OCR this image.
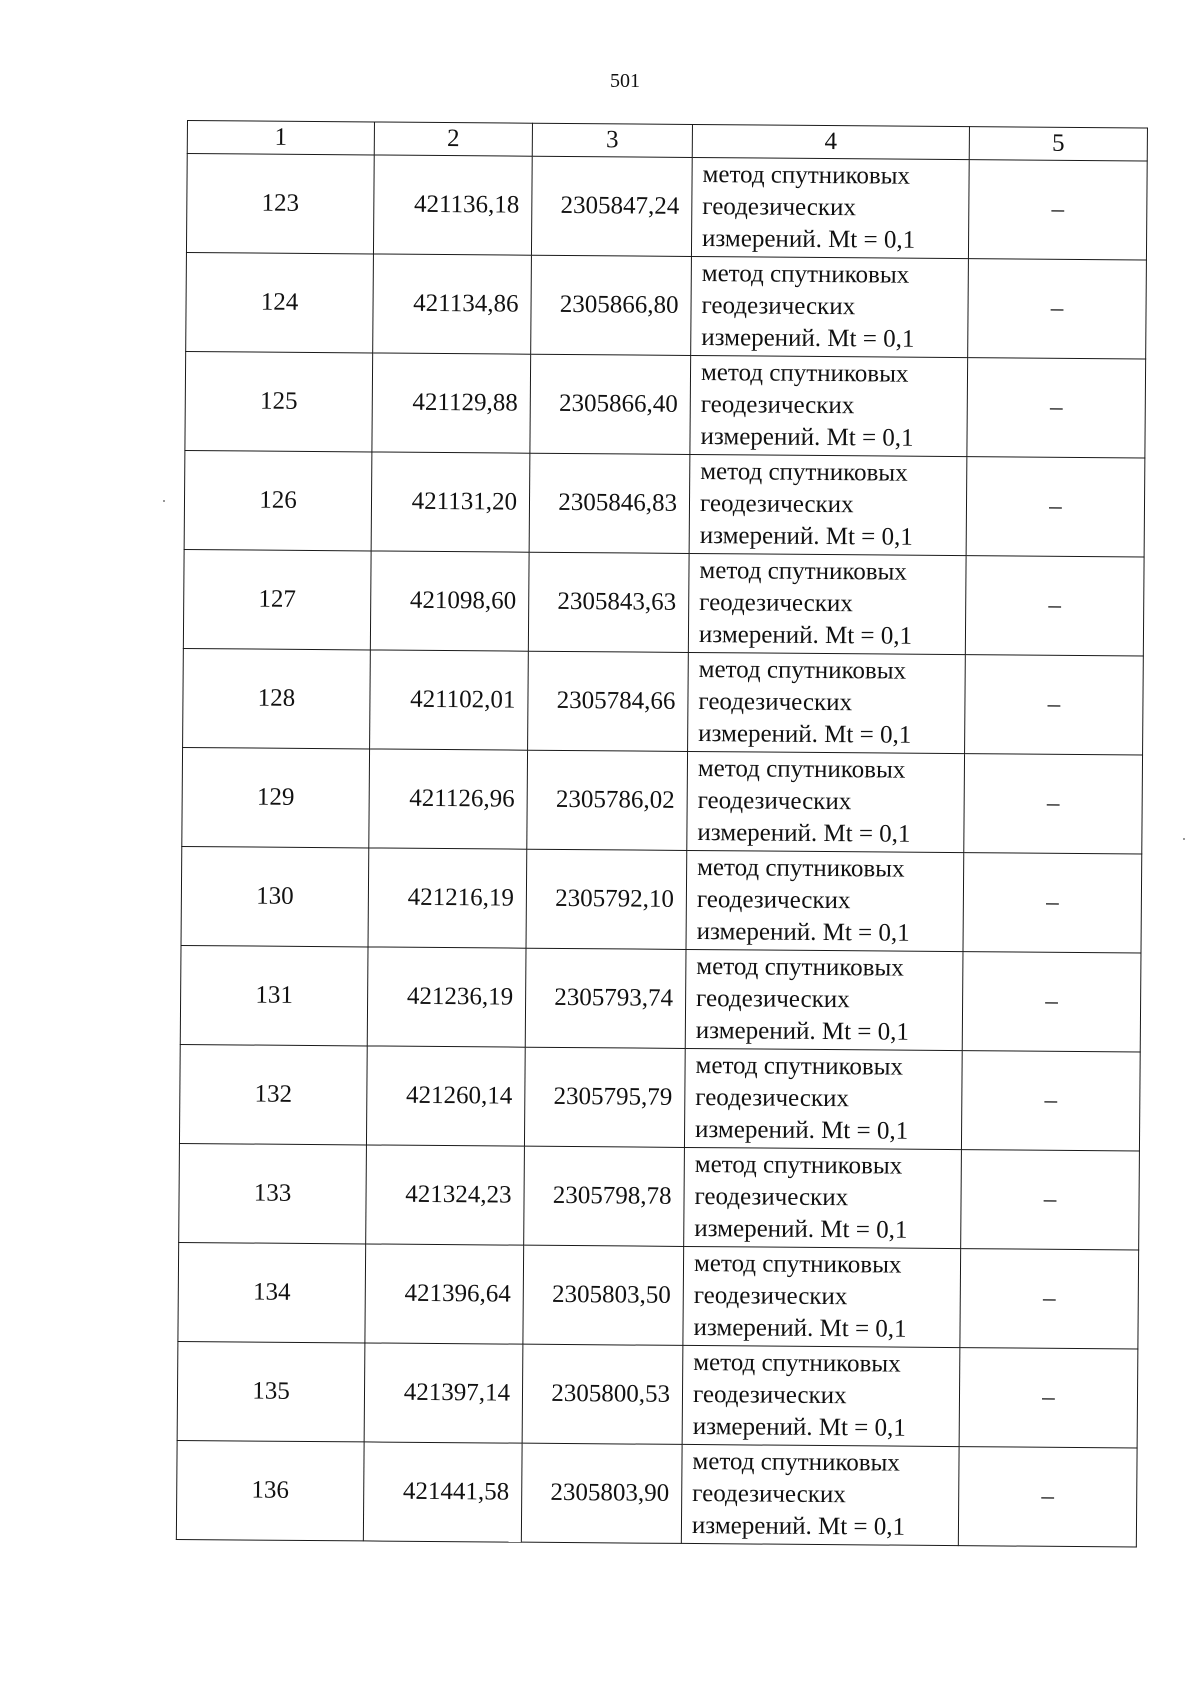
501
1	2	3	4	5
123	421136,18	2305847,24	метод спутниковых
геодезических
измерений. Mt = 0,1	–
124	421134,86	2305866,80	метод спутниковых
геодезических
измерений. Mt = 0,1	–
125	421129,88	2305866,40	метод спутниковых
геодезических
измерений. Mt = 0,1	–
126	421131,20	2305846,83	метод спутниковых
геодезических
измерений. Mt = 0,1	–
127	421098,60	2305843,63	метод спутниковых
геодезических
измерений. Mt = 0,1	–
128	421102,01	2305784,66	метод спутниковых
геодезических
измерений. Mt = 0,1	–
129	421126,96	2305786,02	метод спутниковых
геодезических
измерений. Mt = 0,1	–
130	421216,19	2305792,10	метод спутниковых
геодезических
измерений. Mt = 0,1	–
131	421236,19	2305793,74	метод спутниковых
геодезических
измерений. Mt = 0,1	–
132	421260,14	2305795,79	метод спутниковых
геодезических
измерений. Mt = 0,1	–
133	421324,23	2305798,78	метод спутниковых
геодезических
измерений. Mt = 0,1	–
134	421396,64	2305803,50	метод спутниковых
геодезических
измерений. Mt = 0,1	–
135	421397,14	2305800,53	метод спутниковых
геодезических
измерений. Mt = 0,1	–
136	421441,58	2305803,90	метод спутниковых
геодезических
измерений. Mt = 0,1	–
